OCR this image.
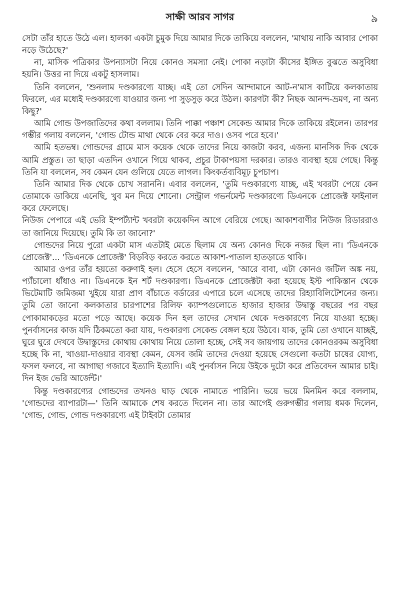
সাক্ষী আরব সাগর	৯

সেটা তাঁর হাতে উঠে এল। হালকা একটা চুমুক দিয়ে আমার দিকে তাকিয়ে বললেন, 'মাথায় নাকি আবার পোকা নড়ে উঠেছে?'

না, মাসিক পত্রিকার উপন্যাসটা নিয়ে কোনও সমস্যা নেই। পোকা নড়াটা কীসের ইঙ্গিত বুঝতে অসুবিধা হয়নি। উত্তর না দিয়ে একটু হাসলাম।

তিনি বললেন, 'শুনলাম দণ্ডকারণ্যে যাচ্ছ। এই তো সেদিন আন্দামানে আট-ন'মাস কাটিয়ে কলকাতায় ফিরলে, এর মধ্যেই দণ্ডকারণ্যে যাওয়ার জন্য পা সুড়সুড় করে উঠল। কারণটা কী? নিছক আনন্দ-ভ্রমণ, না অন্য কিছু?'

আমি গোন্ড উপজাতিদের কথা বললাম। তিনি পাক্কা পঞ্চাশ সেকেন্ড আমার দিকে তাকিয়ে রইলেন। তারপর গম্ভীর গলায় বললেন, 'গোন্ড টোন্ড মাথা থেকে বের করে দাও। ওসব পরে হবে।'

আমি হতভম্ব। গোন্ডদের গ্রামে মাস কয়েক থেকে তাদের নিয়ে কাজটা করব, এজন্য মানসিক দিক থেকে আমি প্রস্তুত। তা ছাড়া এতদিন ওখানে গিয়ে থাকব, প্রচুর টাকাপয়সা দরকার। তারও ব্যবস্থা হয়ে গেছে। কিন্তু তিনি যা বললেন, সব কেমন যেন গুলিয়ে যেতে লাগল। কিংকর্তব্যবিমূঢ় চুপচাপ।

তিনি আমার দিক থেকে চোখ সরাননি। এবার বললেন, 'তুমি দণ্ডকারণ্যে যাচ্ছ, এই খবরটা পেয়ে কেন তোমাকে ডাকিয়ে এনেছি, খুব মন দিয়ে শোনো। সেন্ট্রাল গভর্নমেন্ট দণ্ডকারণ্যে ডিএনকে প্রোজেক্ট ফাইনাল করে ফেলেছে।

নিউজ পেপারে এই ভেরি ইম্পর্ট্যান্ট খবরটা কয়েকদিন আগে বেরিয়ে গেছে। আকাশবাণীর নিউজ রিডাররাও তা জানিয়ে দিয়েছে। তুমি কি তা জানো?'

গোন্ডদের নিয়ে পুরো একটা মাস এতটাই মেতে ছিলাম যে অন্য কোনও দিকে নজর ছিল না। 'ডিএনকে প্রোজেক্ট'... 'ডিএনকে প্রোজেক্ট' বিড়বিড় করতে করতে আকাশ-পাতাল হাতড়াতে থাকি।

আমার ওপর তাঁর হয়তো করুণাই হল। হেসে হেসে বললেন, 'আরে বাবা, এটা কোনও জটিল অঙ্ক নয়, প্যাঁচালো ধাঁধাও না। ডিএনকে ইন শর্ট দণ্ডকারণ্য। ডিএনকে প্রোজেক্টটা করা হয়েছে ইস্ট পাকিস্তান থেকে ভিটেমাটি জমিজমা খুইয়ে যারা প্রাণ বাঁচাতে বর্ডারের এপারে চলে এসেছে তাদের রিহ্যাবিলিটেশনের জন্য। তুমি তো জানো কলকাতার চারপাশের রিলিফ ক্যাম্পগুলোতে হাজার হাজার উদ্বাস্তু বছরের পর বছর পোকামাকড়ের মতো পড়ে আছে। কয়েক দিন হল তাদের সেখান থেকে দণ্ডকারণ্যে নিয়ে যাওয়া হচ্ছে। পুনর্বাসনের কাজ যদি ঠিকমতো করা যায়, দণ্ডকারণ্য সেকেন্ড বেঙ্গল হয়ে উঠবে। যাক, তুমি তো ওখানে যাচ্ছই, ঘুরে ঘুরে দেখবে উদ্বাস্তুদের কোথায় কোথায় নিয়ে তোলা হচ্ছে, সেই সব জায়গায় তাদের কোনওরকম অসুবিধা হচ্ছে কি না, খাওয়া-দাওয়ার ব্যবস্থা কেমন, যেসব জমি তাদের দেওয়া হয়েছে সেগুলো কতটা চাষের যোগ্য, ফসল ফলবে, না আগাছা গজাবে ইত্যাদি ইত্যাদি। এই পুনর্বাসন নিয়ে উইকে দুটো করে প্রতিবেদন আমার চাই। দিন ইজ ভেরি আর্জেন্ট।'

কিন্তু দণ্ডকারণ্যের গোন্ডদের তখনও ঘাড় থেকে নামাতে পারিনি। ভয়ে ভয়ে মিনমিন করে বললাম, 'গোন্ডদের ব্যাপারটা—' তিনি আমাকে শেষ করতে দিলেন না। তার আগেই গুরুগম্ভীর গলায় ধমক দিলেন, 'গোন্ড, গোন্ড, গোন্ড দণ্ডকারণ্যে এই টাইবটা তোমার
